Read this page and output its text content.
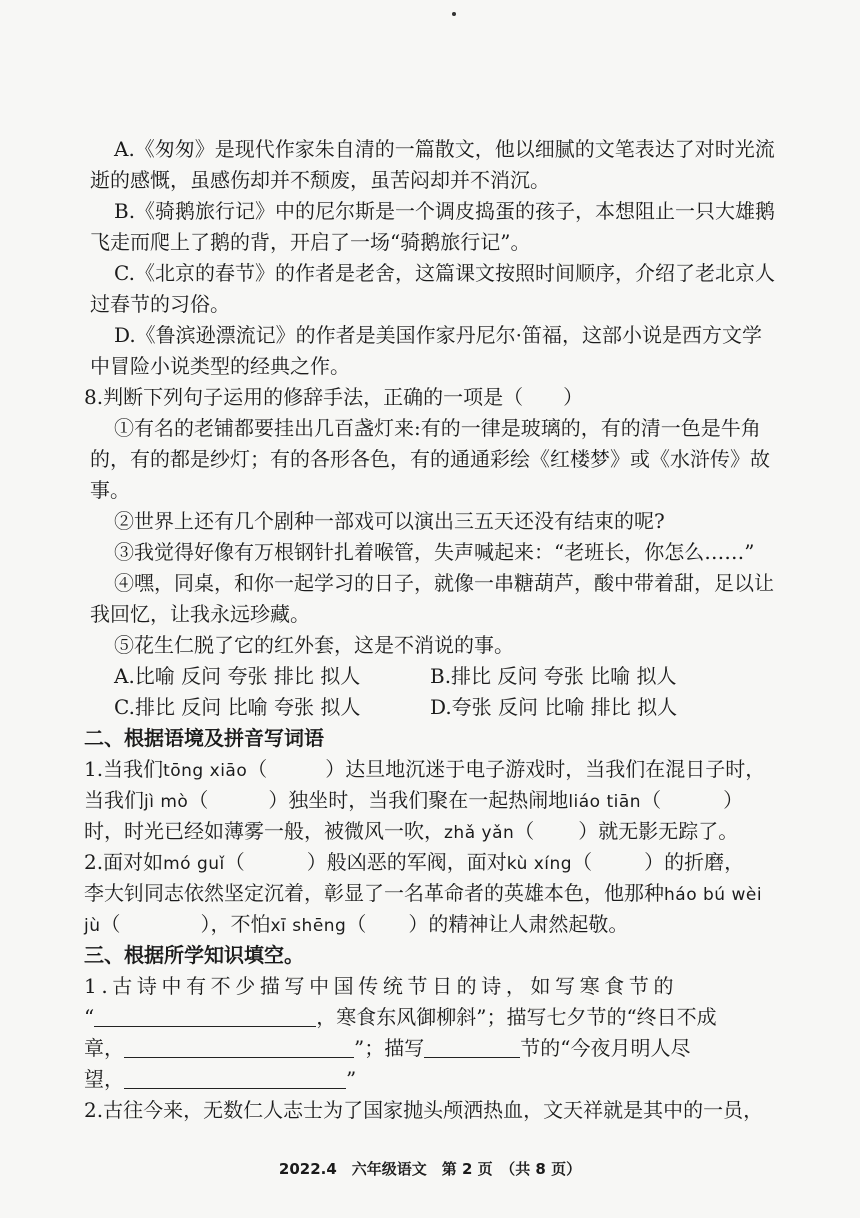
A.《匆匆》是现代作家朱自清的一篇散文，他以细腻的文笔表达了对时光流

逝的感慨，虽感伤却并不颓废，虽苦闷却并不消沉。

B.《骑鹅旅行记》中的尼尔斯是一个调皮捣蛋的孩子，本想阻止一只大雄鹅

飞走而爬上了鹅的背，开启了一场“骑鹅旅行记”。

C.《北京的春节》的作者是老舍，这篇课文按照时间顺序，介绍了老北京人

过春节的习俗。

D.《鲁滨逊漂流记》的作者是美国作家丹尼尔·笛福，这部小说是西方文学

中冒险小说类型的经典之作。

8.判断下列句子运用的修辞手法，正确的一项是（　　）

①有名的老铺都要挂出几百盏灯来:有的一律是玻璃的，有的清一色是牛角

的，有的都是纱灯；有的各形各色，有的通通彩绘《红楼梦》或《水浒传》故

事。

②世界上还有几个剧种一部戏可以演出三五天还没有结束的呢?

③我觉得好像有万根钢针扎着喉管，失声喊起来：“老班长，你怎么……”

④嘿，同桌，和你一起学习的日子，就像一串糖葫芦，酸中带着甜，足以让

我回忆，让我永远珍藏。

⑤花生仁脱了它的红外套，这是不消说的事。

A.比喻 反问 夸张 排比 拟人	B.排比 反问 夸张 比喻 拟人
C.排比 反问 比喻 夸张 拟人	D.夸张 反问 比喻 排比 拟人

二、根据语境及拼音写词语

1.当我们tōng xiāo（	）达旦地沉迷于电子游戏时，当我们在混日子时，

当我们jì mò（	）独坐时，当我们聚在一起热闹地liáo tiān（	）

时，时光已经如薄雾一般，被微风一吹，zhǎ yǎn（ ）就无影无踪了。

2.面对如mó guǐ（	）般凶恶的军阀，面对kù xíng（	）的折磨，

李大钊同志依然坚定沉着，彰显了一名革命者的英雄本色，他那种háo bú wèi

jù（	），不怕xī shēng（ ）的精神让人肃然起敬。

三、根据所学知识填空。

1.古诗中有不少描写中国传统节日的诗，如写寒食节的

“	，寒食东风御柳斜”；描写七夕节的“终日不成

章，	”；描写	节的“今夜月明人尽

望，	”

2.古往今来，无数仁人志士为了国家抛头颅洒热血，文天祥就是其中的一员，

2022.4　六年级语文　第 2 页　（共 8 页）
